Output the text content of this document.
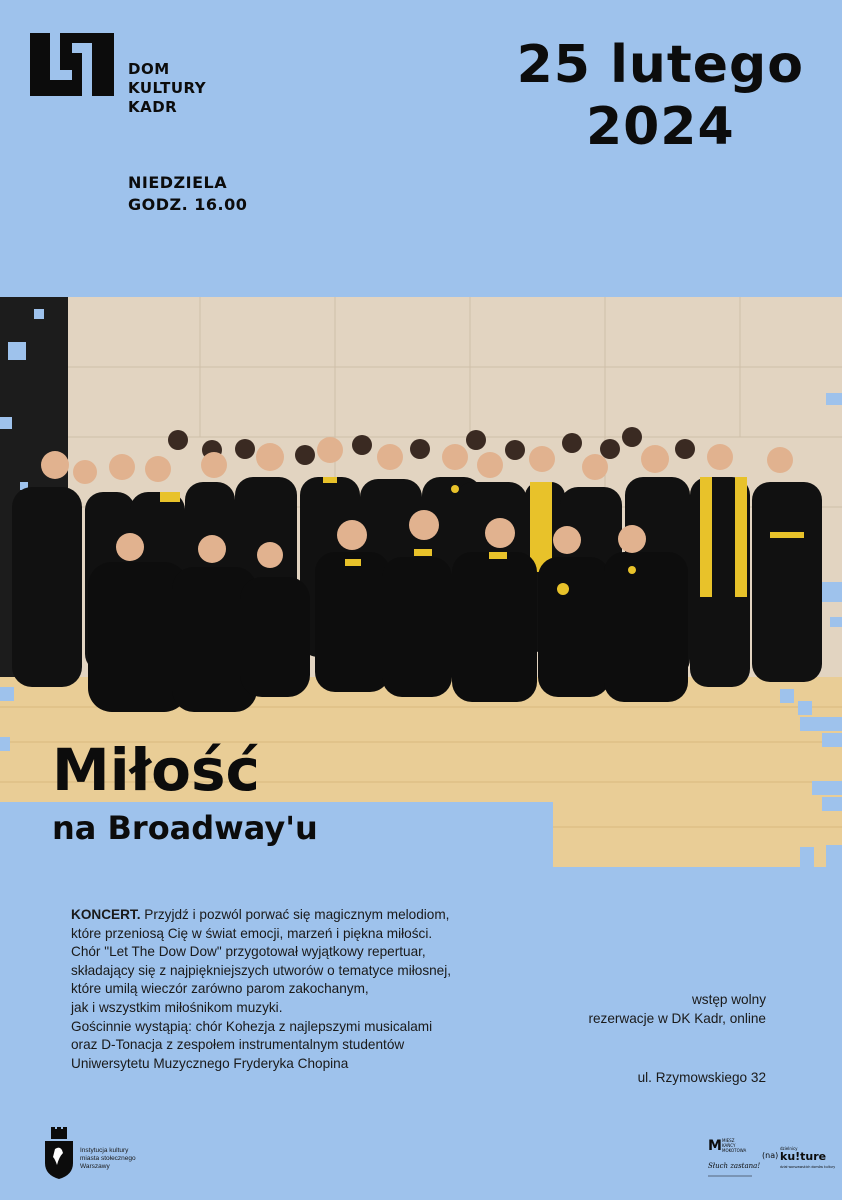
DOM
KULTURY
KADR
25 lutego
2024
NIEDZIELA
GODZ. 16.00
Miłość
na Broadway'u
KONCERT. Przyjdź i pozwól porwać się magicznym melodiom,
które przeniosą Cię w świat emocji, marzeń i piękna miłości.
Chór "Let The Dow Dow" przygotował wyjątkowy repertuar,
składający się z najpiękniejszych utworów o tematyce miłosnej,
które umilą wieczór zarówno parom zakochanym,
jak i wszystkim miłośnikom muzyki.
Gościnnie wystąpią: chór Kohezja z najlepszymi musicalami
oraz D-Tonacja z zespołem instrumentalnym studentów
Uniwersytetu Muzycznego Fryderyka Chopina
wstęp wolny
rezerwacje w DK Kadr, online
ul. Rzymowskiego 32
Instytucja kultury
miasta stołecznego
Warszawy
M MIESZ
KAŃCY
MOKOTOWA
Słuch zastana!
(na)
dzielnicy
ku!ture
dział warszawskich domów kultury
